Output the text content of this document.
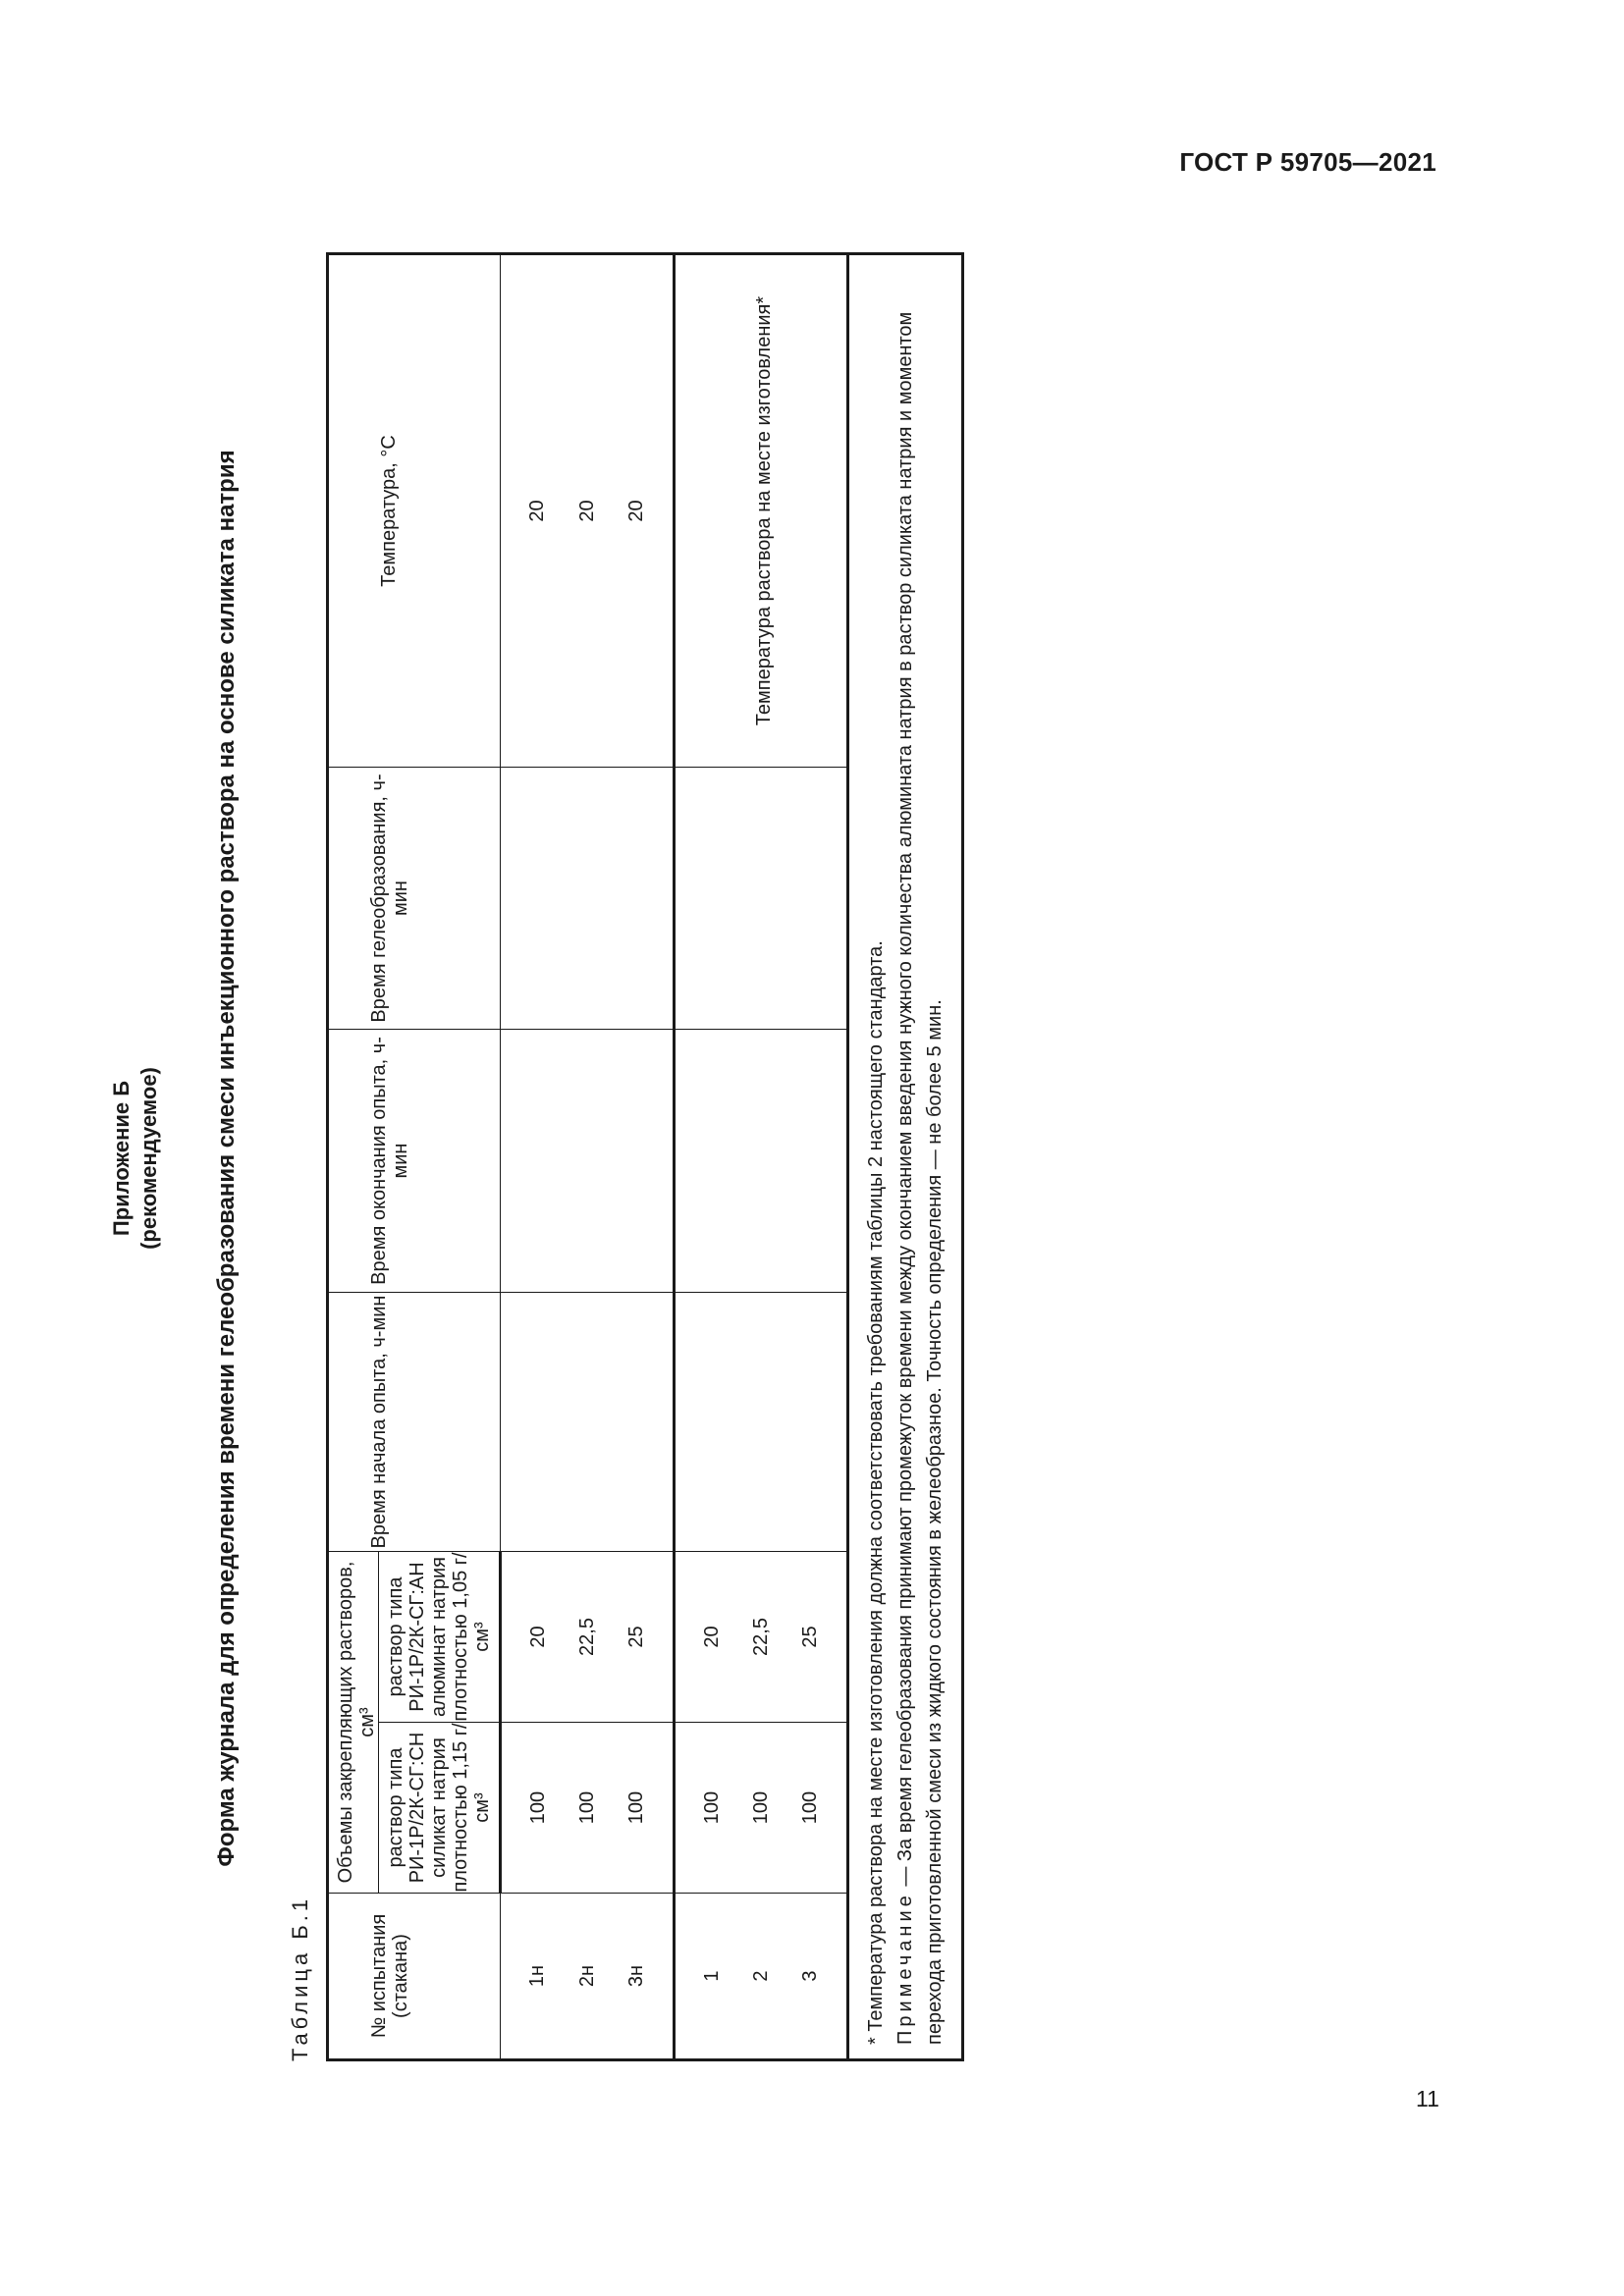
ГОСТ Р 59705—2021
Приложение Б (рекомендуемое) Форма журнала для определения времени гелеобразования смеси инъекционного раствора на основе силиката натрия
Таблица Б.1	№ испытания (стакана)	Объемы закрепляющих растворов, см³		Время начала опыта, ч-мин	Время окончания опыта, ч-мин	Время гелеобразования, ч-мин	Температура, °С
	раствор типа РИ-1Р/2К-СГ:СН силикат натрия плотностью 1,15 г/см³	раствор типа РИ-1Р/2К-СГ:АН алюминат натрия плотностью 1,05 г/см³				
1н	100	20				20
2н	100	22,5				20
3н	100	25				20
1	100	20				Температура раствора на месте изготовления*
2	100	22,5				
3	100	25				

* Температура раствора на месте изготовления должна соответствовать требованиям таблицы 2 настоящего стандарта. Примечание — За время гелеобразования принимают промежуток времени между окончанием введения нужного количества алюмината натрия в раствор силиката натрия и моментом перехода приготовленной смеси из жидкого состояния в желеобразное. Точность определения — не более 5 мин.						
11
